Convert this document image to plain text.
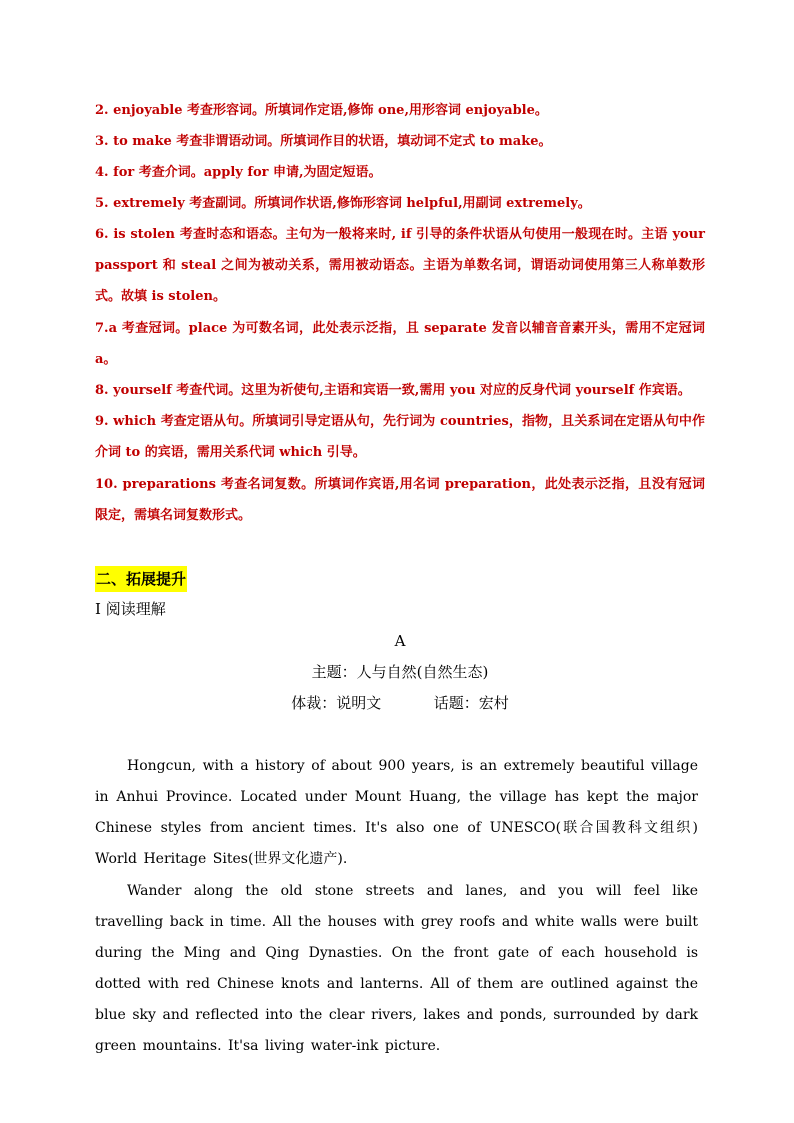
2. enjoyable 考查形容词。所填词作定语,修饰 one,用形容词 enjoyable。
3. to make 考查非谓语动词。所填词作目的状语，填动词不定式 to make。
4. for 考查介词。apply for 申请,为固定短语。
5. extremely 考查副词。所填词作状语,修饰形容词 helpful,用副词 extremely。
6. is stolen 考查时态和语态。主句为一般将来时, if 引导的条件状语从句使用一般现在时。主语 your passport 和 steal 之间为被动关系，需用被动语态。主语为单数名词，谓语动词使用第三人称单数形式。故填 is stolen。
7.a 考查冠词。place 为可数名词，此处表示泛指，且 separate 发音以辅音音素开头，需用不定冠词 a。
8. yourself 考查代词。这里为祈使句,主语和宾语一致,需用 you 对应的反身代词 yourself 作宾语。
9. which 考查定语从句。所填词引导定语从句，先行词为 countries，指物，且关系词在定语从句中作介词 to 的宾语，需用关系代词 which 引导。
10. preparations 考查名词复数。所填词作宾语,用名词 preparation，此处表示泛指，且没有冠词限定，需填名词复数形式。
二、拓展提升
I 阅读理解
A
主题：人与自然(自然生态)
体裁：说明文           话题：宏村
Hongcun, with a history of about 900 years, is an extremely beautiful village in Anhui Province. Located under Mount Huang, the village has kept the major Chinese styles from ancient times. It's also one of UNESCO(联合国教科文组织) World Heritage Sites(世界文化遗产).
Wander along the old stone streets and lanes, and you will feel like travelling back in time. All the houses with grey roofs and white walls were built during the Ming and Qing Dynasties. On the front gate of each household is dotted with red Chinese knots and lanterns. All of them are outlined against the blue sky and reflected into the clear rivers, lakes and ponds, surrounded by dark green mountains. It'sa living water-ink picture.
